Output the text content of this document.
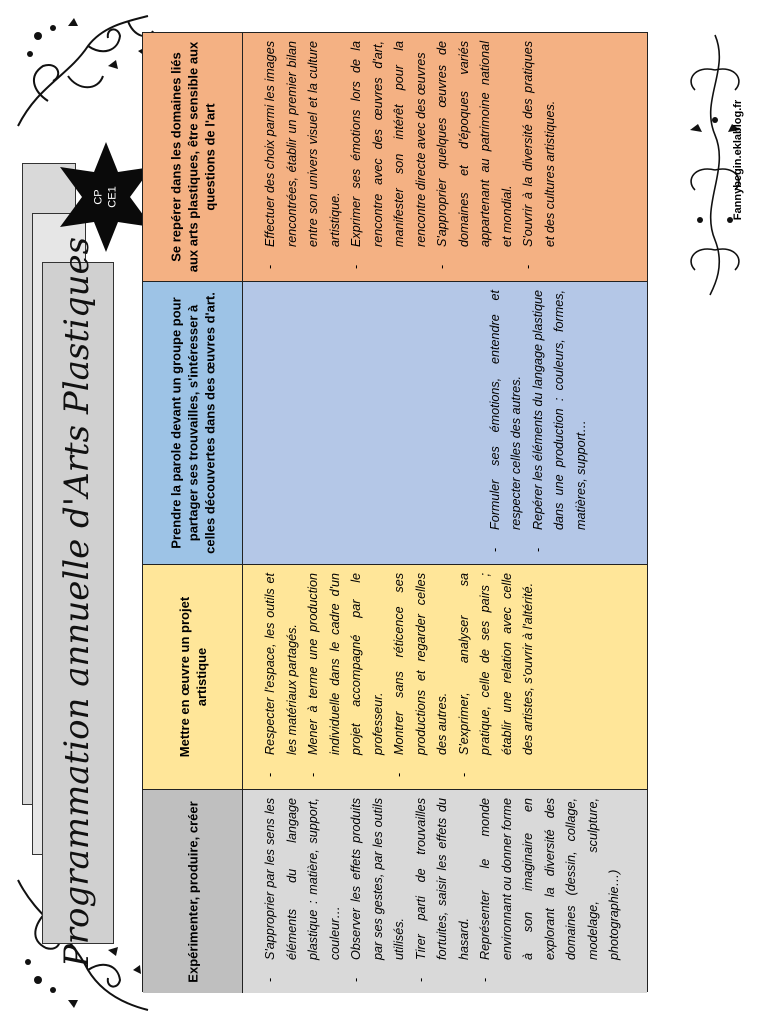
Fannybegin.eklablog.fr
Programmation annuelle d'Arts Plastiques
CP CE1	Se repérer dans les domaines liés aux arts plastiques, être sensible aux questions de l'art	- Effectuer des choix parmi les images rencontrées, établir un premier bilan entre son univers visuel et la culture artistique. - Exprimer ses émotions lors de la rencontre avec des œuvres d'art, manifester son intérêt pour la rencontre directe avec des œuvres - S'approprier quelques œuvres de domaines et d'époques variés appartenant au patrimoine national et mondial. - S'ouvrir à la diversité des pratiques et des cultures artistiques.
Prendre la parole devant un groupe pour partager ses trouvailles, s'intéresser à celles découvertes dans des œuvres d'art.	- Formuler ses émotions, entendre et respecter celles des autres. - Repérer les éléments du langage plastique dans une production : couleurs, formes, matières, support…
Mettre en œuvre un projet artistique	- Respecter l'espace, les outils et les matériaux partagés. - Mener à terme une production individuelle dans le cadre d'un projet accompagné par le professeur. - Montrer sans réticence ses productions et regarder celles des autres. - S'exprimer, analyser sa pratique, celle de ses pairs ; établir une relation avec celle des artistes, s'ouvrir à l'altérité.
Expérimenter, produire, créer	- S'approprier par les sens les éléments du langage plastique : matière, support, couleur… - Observer les effets produits par ses gestes, par les outils utilisés. - Tirer parti de trouvailles fortuites, saisir les effets du hasard. - Représenter le monde environnant ou donner forme à son imaginaire en explorant la diversité des domaines (dessin, collage, modelage, sculpture, photographie…)
